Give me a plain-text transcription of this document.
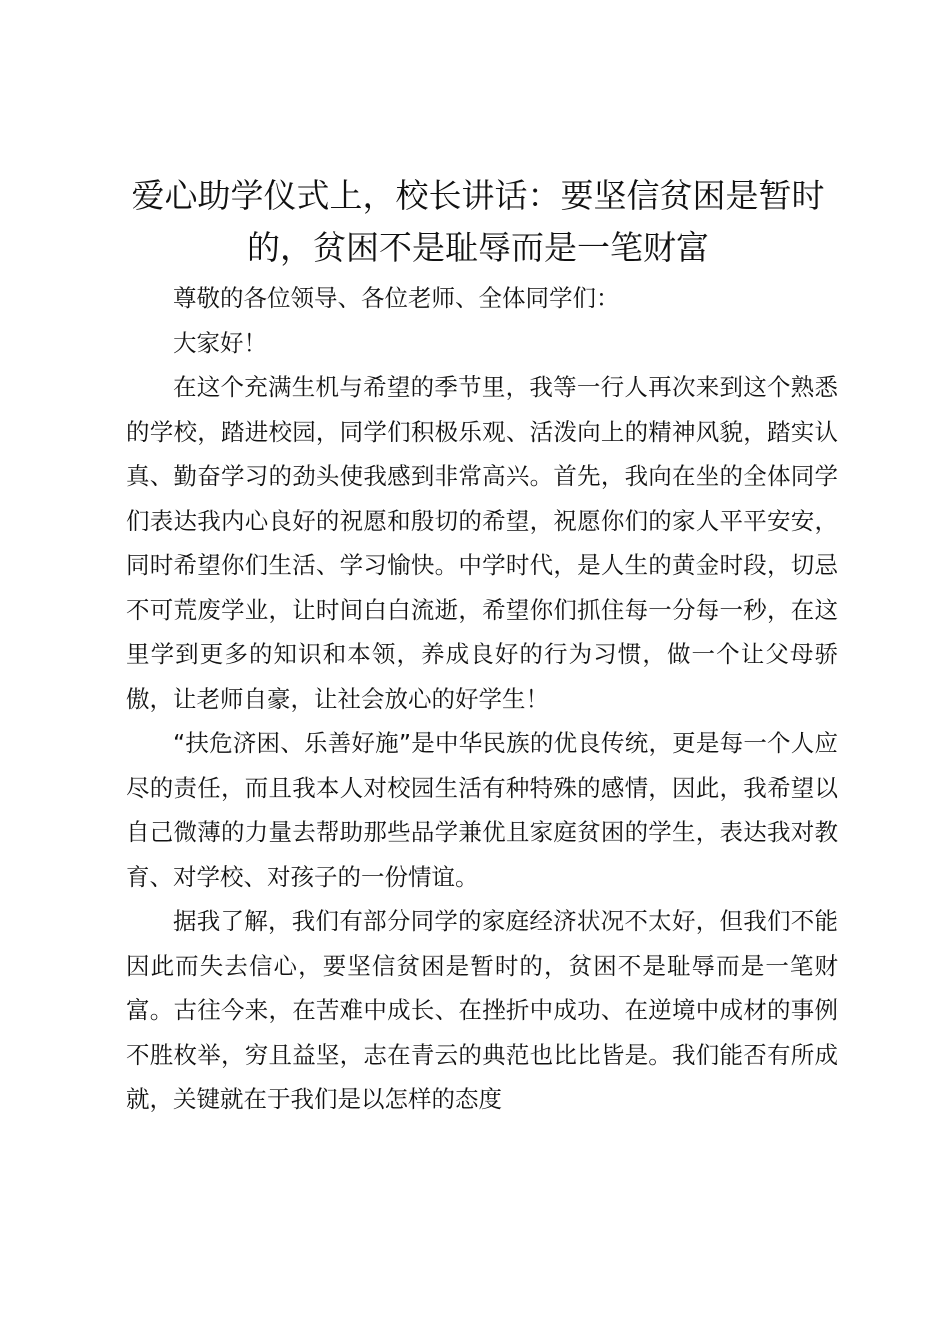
爱心助学仪式上，校长讲话：要坚信贫困是暂时的，贫困不是耻辱而是一笔财富

尊敬的各位领导、各位老师、全体同学们：

大家好！

在这个充满生机与希望的季节里，我等一行人再次来到这个熟悉的学校，踏进校园，同学们积极乐观、活泼向上的精神风貌，踏实认真、勤奋学习的劲头使我感到非常高兴。首先，我向在坐的全体同学们表达我内心良好的祝愿和殷切的希望，祝愿你们的家人平平安安，同时希望你们生活、学习愉快。中学时代，是人生的黄金时段，切忌不可荒废学业，让时间白白流逝，希望你们抓住每一分每一秒，在这里学到更多的知识和本领，养成良好的行为习惯，做一个让父母骄傲，让老师自豪，让社会放心的好学生！

“扶危济困、乐善好施”是中华民族的优良传统，更是每一个人应尽的责任，而且我本人对校园生活有种特殊的感情，因此，我希望以自己微薄的力量去帮助那些品学兼优且家庭贫困的学生，表达我对教育、对学校、对孩子的一份情谊。

据我了解，我们有部分同学的家庭经济状况不太好，但我们不能因此而失去信心，要坚信贫困是暂时的，贫困不是耻辱而是一笔财富。古往今来，在苦难中成长、在挫折中成功、在逆境中成材的事例不胜枚举，穷且益坚，志在青云的典范也比比皆是。我们能否有所成就，关键就在于我们是以怎样的态度
